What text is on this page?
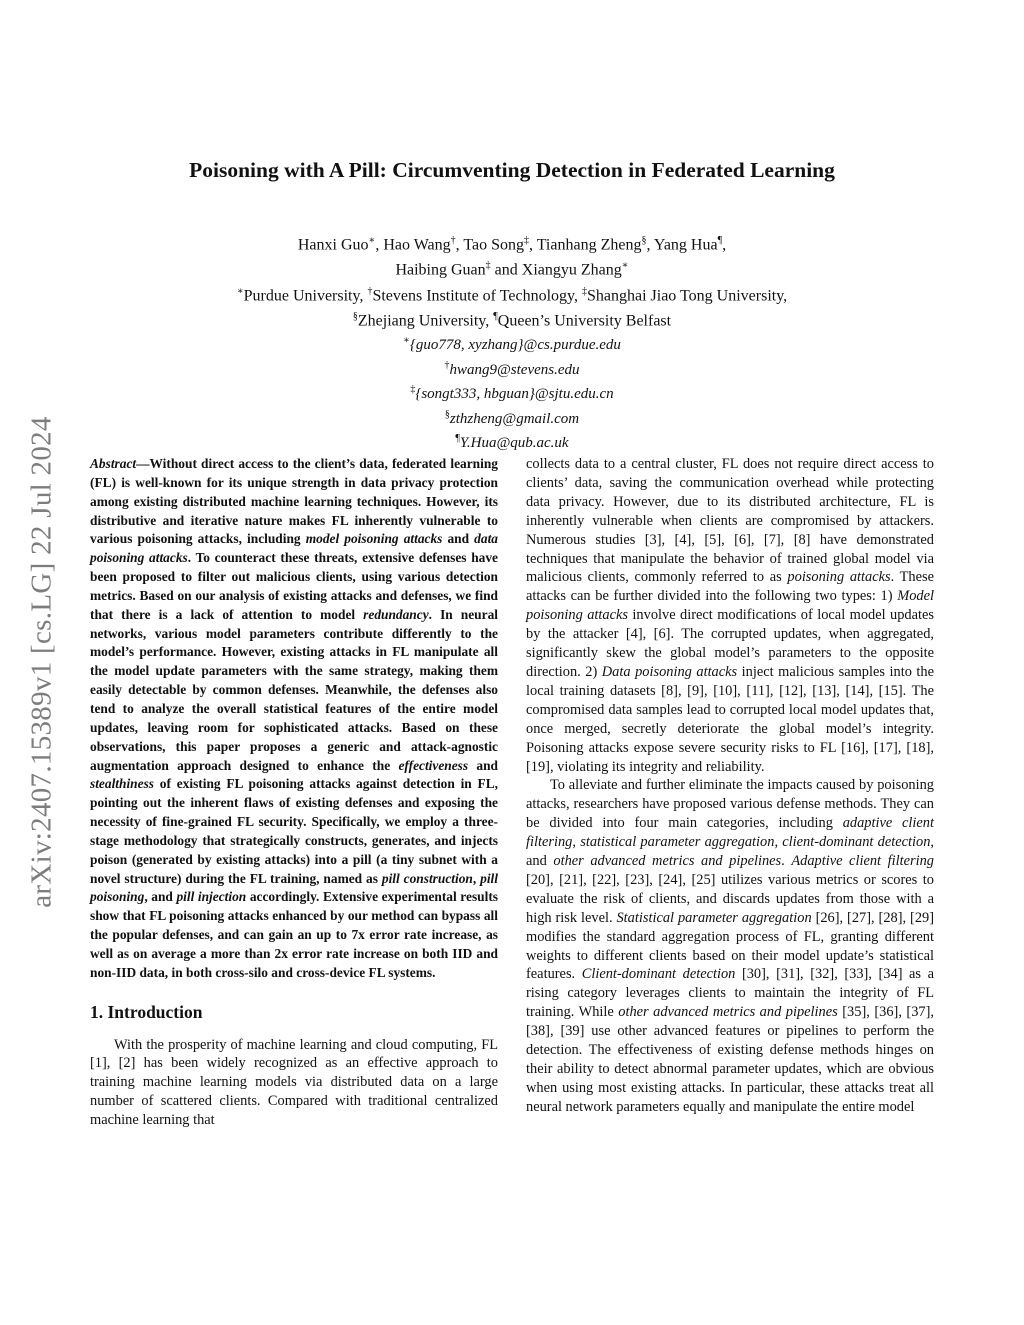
arXiv:2407.15389v1 [cs.LG] 22 Jul 2024
Poisoning with A Pill: Circumventing Detection in Federated Learning
Hanxi Guo∗, Hao Wang†, Tao Song‡, Tianhang Zheng§, Yang Hua¶,
Haibing Guan‡ and Xiangyu Zhang∗
∗Purdue University, †Stevens Institute of Technology, ‡Shanghai Jiao Tong University,
§Zhejiang University, ¶Queen’s University Belfast
∗{guo778, xyzhang}@cs.purdue.edu
†hwang9@stevens.edu
‡{songt333, hbguan}@sjtu.edu.cn
§zthzheng@gmail.com
¶Y.Hua@qub.ac.uk

Abstract—Without direct access to the client’s data, federated learning (FL) is well-known for its unique strength in data privacy protection among existing distributed machine learning techniques. However, its distributive and iterative nature makes FL inherently vulnerable to various poisoning attacks, including model poisoning attacks and data poisoning attacks. To counteract these threats, extensive defenses have been proposed to filter out malicious clients, using various detection metrics. Based on our analysis of existing attacks and defenses, we find that there is a lack of attention to model redundancy. In neural networks, various model parameters contribute differently to the model’s performance. However, existing attacks in FL manipulate all the model update parameters with the same strategy, making them easily detectable by common defenses. Meanwhile, the defenses also tend to analyze the overall statistical features of the entire model updates, leaving room for sophisticated attacks. Based on these observations, this paper proposes a generic and attack-agnostic augmentation approach designed to enhance the effectiveness and stealthiness of existing FL poisoning attacks against detection in FL, pointing out the inherent flaws of existing defenses and exposing the necessity of fine-grained FL security. Specifically, we employ a three-stage methodology that strategically constructs, generates, and injects poison (generated by existing attacks) into a pill (a tiny subnet with a novel structure) during the FL training, named as pill construction, pill poisoning, and pill injection accordingly. Extensive experimental results show that FL poisoning attacks enhanced by our method can bypass all the popular defenses, and can gain an up to 7x error rate increase, as well as on average a more than 2x error rate increase on both IID and non-IID data, in both cross-silo and cross-device FL systems.

1. Introduction

With the prosperity of machine learning and cloud computing, FL [1], [2] has been widely recognized as an effective approach to training machine learning models via distributed data on a large number of scattered clients. Compared with traditional centralized machine learning that

collects data to a central cluster, FL does not require direct access to clients’ data, saving the communication overhead while protecting data privacy. However, due to its distributed architecture, FL is inherently vulnerable when clients are compromised by attackers. Numerous studies [3], [4], [5], [6], [7], [8] have demonstrated techniques that manipulate the behavior of trained global model via malicious clients, commonly referred to as poisoning attacks. These attacks can be further divided into the following two types: 1) Model poisoning attacks involve direct modifications of local model updates by the attacker [4], [6]. The corrupted updates, when aggregated, significantly skew the global model’s parameters to the opposite direction. 2) Data poisoning attacks inject malicious samples into the local training datasets [8], [9], [10], [11], [12], [13], [14], [15]. The compromised data samples lead to corrupted local model updates that, once merged, secretly deteriorate the global model’s integrity. Poisoning attacks expose severe security risks to FL [16], [17], [18], [19], violating its integrity and reliability.

To alleviate and further eliminate the impacts caused by poisoning attacks, researchers have proposed various defense methods. They can be divided into four main categories, including adaptive client filtering, statistical parameter aggregation, client-dominant detection, and other advanced metrics and pipelines. Adaptive client filtering [20], [21], [22], [23], [24], [25] utilizes various metrics or scores to evaluate the risk of clients, and discards updates from those with a high risk level. Statistical parameter aggregation [26], [27], [28], [29] modifies the standard aggregation process of FL, granting different weights to different clients based on their model update’s statistical features. Client-dominant detection [30], [31], [32], [33], [34] as a rising category leverages clients to maintain the integrity of FL training. While other advanced metrics and pipelines [35], [36], [37], [38], [39] use other advanced features or pipelines to perform the detection. The effectiveness of existing defense methods hinges on their ability to detect abnormal parameter updates, which are obvious when using most existing attacks. In particular, these attacks treat all neural network parameters equally and manipulate the entire model
